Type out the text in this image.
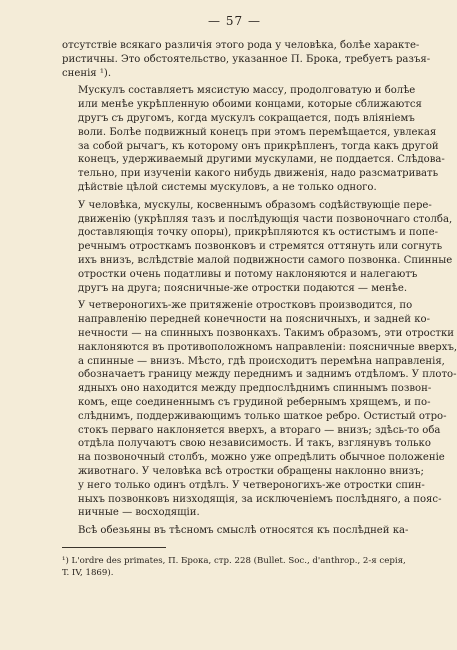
— 57 —
отсутствіе всякаго различія этого рода у человѣка, болѣе характе-
ристичны. Это обстоятельство, указанное П. Брока, требуетъ разъя-
сненія ¹).
Мускулъ составляетъ мясистую массу, продолговатую и болѣе
или менѣе укрѣпленную обоими концами, которые сближаются
другъ съ другомъ, когда мускулъ сокращается, подъ вліяніемъ
воли. Болѣе подвижный конецъ при этомъ перемѣщается, увлекая
за собой рычагъ, къ которому онъ прикрѣпленъ, тогда какъ другой
конецъ, удерживаемый другими мускулами, не поддается. Слѣдова-
тельно, при изученіи какого нибудь движенія, надо разсматривать
дѣйствіе цѣлой системы мускуловъ, а не только одного.
У человѣка, мускулы, косвеннымъ образомъ содѣйствующіе пере-
движенію (укрѣпляя тазъ и послѣдующія части позвоночнаго столба,
доставляющія точку опоры), прикрѣпляются къ остистымъ и попе-
речнымъ отросткамъ позвонковъ и стремятся оттянуть или согнуть
ихъ внизъ, вслѣдствіе малой подвижности самого позвонка. Спинные
отростки очень податливы и потому наклоняются и налегаютъ
другъ на друга; поясничные-же отростки подаются — менѣе.
У четвероногихъ-же притяженіе отростковъ производится, по
направленію передней конечности на поясничныхъ, и задней ко-
нечности — на спинныхъ позвонкахъ. Такимъ образомъ, эти отростки
наклоняются въ противоположномъ направленіи: поясничные вверхъ,
а спинные — внизъ. Мѣсто, гдѣ происходитъ перемѣна направленія,
обозначаетъ границу между переднимъ и заднимъ отдѣломъ. У плото-
ядныхъ оно находится между предпослѣднимъ спиннымъ позвон-
комъ, еще соединеннымъ съ грудиной ребернымъ хрящемъ, и по-
слѣднимъ, поддерживающимъ только шаткое ребро. Остистый отро-
стокъ перваго наклоняется вверхъ, а втораго — внизъ; здѣсь-то оба
отдѣла получаютъ свою независимость. И такъ, взглянувъ только
на позвоночный столбъ, можно уже опредѣлить обычное положеніе
животнаго. У человѣка всѣ отростки обращены наклонно внизъ;
у него только одинъ отдѣлъ. У четвероногихъ-же отростки спин-
ныхъ позвонковъ низходящія, за исключеніемъ послѣдняго, а пояс-
ничные — восходящіи.
Всѣ обезьяны въ тѣсномъ смыслѣ относятся къ послѣдней ка-
¹) L'ordre des primates, П. Брока, стр. 228 (Bullet. Soc., d'anthrop., 2-я серія,
T. IV, 1869).
